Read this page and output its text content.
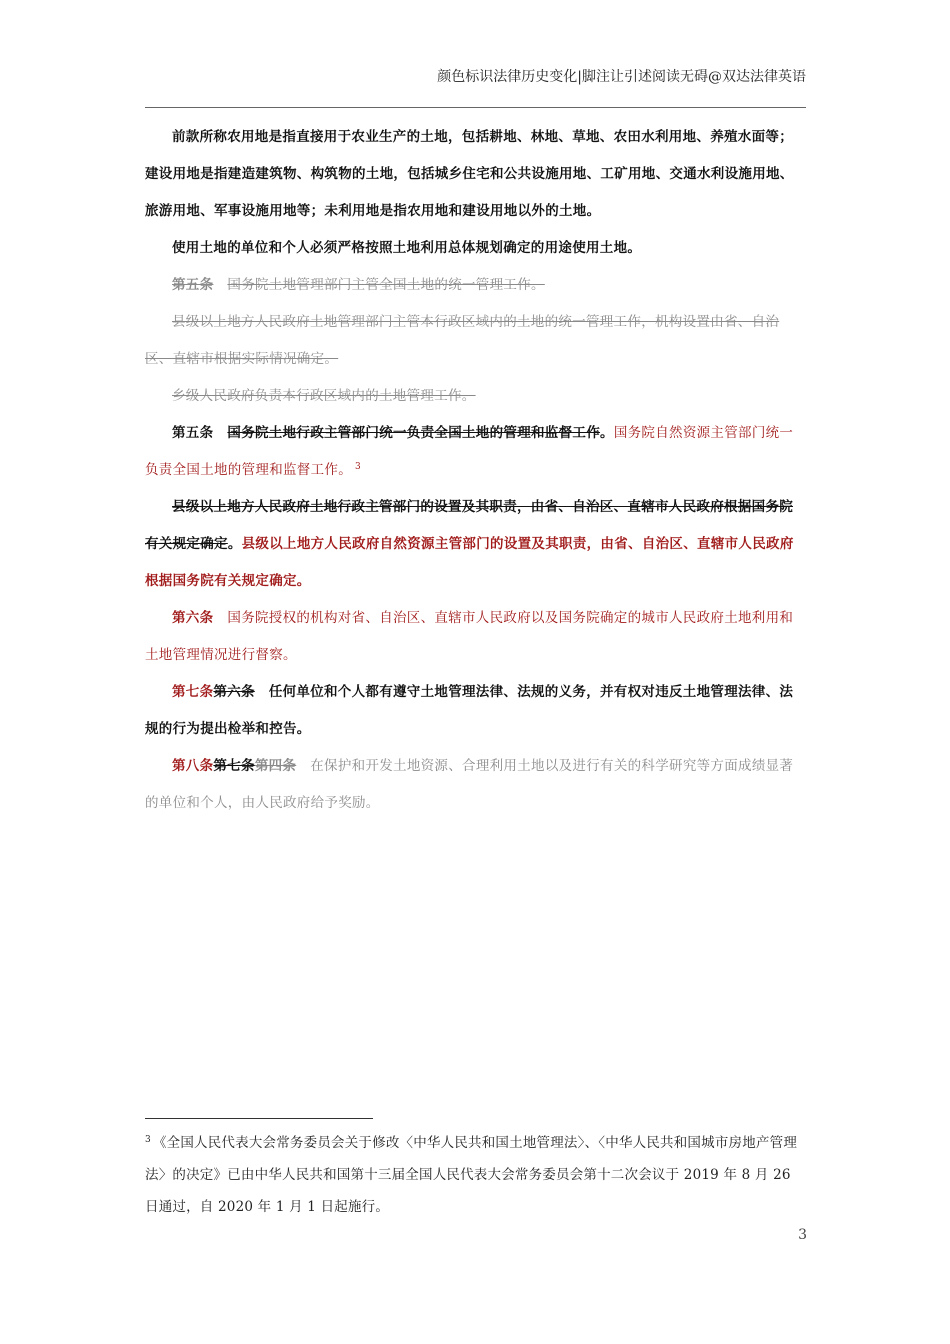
颜色标识法律历史变化|脚注让引述阅读无碍@双达法律英语

前款所称农用地是指直接用于农业生产的土地，包括耕地、林地、草地、农田水利用地、养殖水面等；建设用地是指建造建筑物、构筑物的土地，包括城乡住宅和公共设施用地、工矿用地、交通水利设施用地、旅游用地、军事设施用地等；未利用地是指农用地和建设用地以外的土地。

使用土地的单位和个人必须严格按照土地利用总体规划确定的用途使用土地。

第五条 国务院土地管理部门主管全国土地的统一管理工作。

县级以上地方人民政府土地管理部门主管本行政区域内的土地的统一管理工作，机构设置由省、自治区、直辖市根据实际情况确定。

乡级人民政府负责本行政区域内的土地管理工作。

第五条 国务院土地行政主管部门统一负责全国土地的管理和监督工作。国务院自然资源主管部门统一负责全国土地的管理和监督工作。 $^3$

县级以上地方人民政府土地行政主管部门的设置及其职责，由省、自治区、直辖市人民政府根据国务院有关规定确定。县级以上地方人民政府自然资源主管部门的设置及其职责，由省、自治区、直辖市人民政府根据国务院有关规定确定。

第六条 国务院授权的机构对省、自治区、直辖市人民政府以及国务院确定的城市人民政府土地利用和土地管理情况进行督察。

第七条第六条 任何单位和个人都有遵守土地管理法律、法规的义务，并有权对违反土地管理法律、法规的行为提出检举和控告。

第八条第七条第四条 在保护和开发土地资源、合理利用土地以及进行有关的科学研究等方面成绩显著的单位和个人，由人民政府给予奖励。

$^3$ 《全国人民代表大会常务委员会关于修改〈中华人民共和国土地管理法〉、〈中华人民共和国城市房地产管理法〉的决定》已由中华人民共和国第十三届全国人民代表大会常务委员会第十二次会议于 2019 年 8 月 26 日通过，自 2020 年 1 月 1 日起施行。

3
